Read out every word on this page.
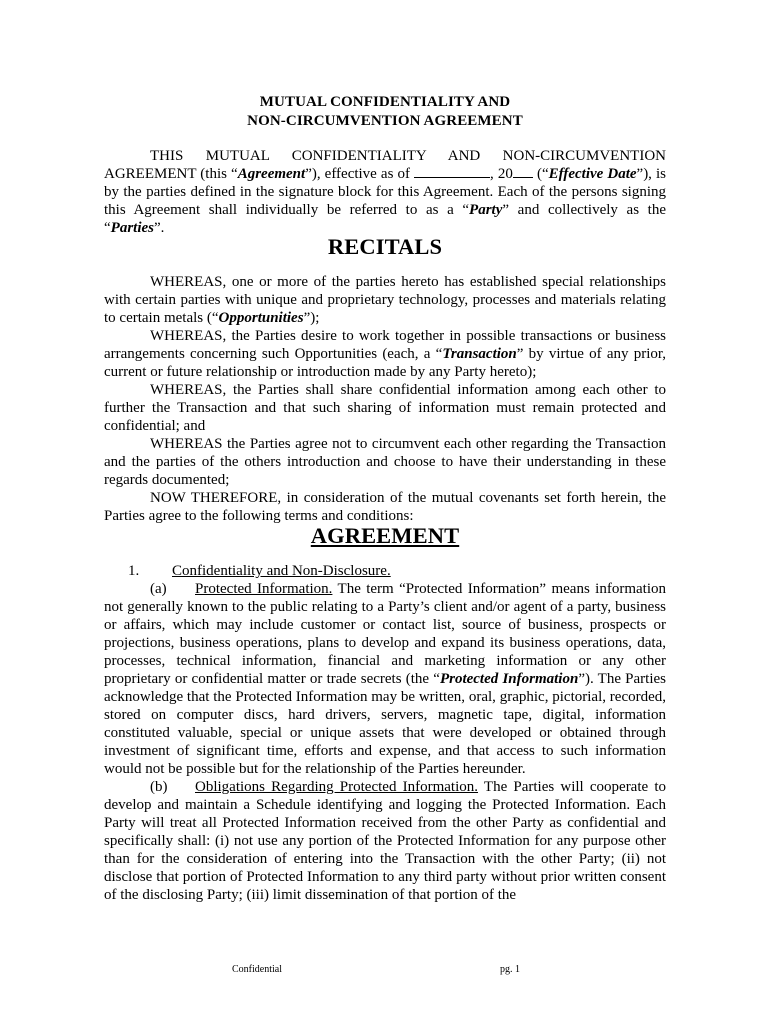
MUTUAL CONFIDENTIALITY AND
NON-CIRCUMVENTION AGREEMENT

THIS MUTUAL CONFIDENTIALITY AND NON-CIRCUMVENTION AGREEMENT (this “Agreement”), effective as of	, 20 (“Effective Date”), is by the parties defined in the signature block for this Agreement. Each of the persons signing this Agreement shall individually be referred to as a “Party” and collectively as the “Parties”.

RECITALS

WHEREAS, one or more of the parties hereto has established special relationships with certain parties with unique and proprietary technology, processes and materials relating to certain metals (“Opportunities”);

WHEREAS, the Parties desire to work together in possible transactions or business arrangements concerning such Opportunities (each, a “Transaction” by virtue of any prior, current or future relationship or introduction made by any Party hereto);

WHEREAS, the Parties shall share confidential information among each other to further the Transaction and that such sharing of information must remain protected and confidential; and

WHEREAS the Parties agree not to circumvent each other regarding the Transaction and the parties of the others introduction and choose to have their understanding in these regards documented;

NOW THEREFORE, in consideration of the mutual covenants set forth herein, the Parties agree to the following terms and conditions:

AGREEMENT
1. Confidentiality and Non-Disclosure.

(a) Protected Information. The term “Protected Information” means information not generally known to the public relating to a Party’s client and/or agent of a party, business or affairs, which may include customer or contact list, source of business, prospects or projections, business operations, plans to develop and expand its business operations, data, processes, technical information, financial and marketing information or any other proprietary or confidential matter or trade secrets (the “Protected Information”). The Parties acknowledge that the Protected Information may be written, oral, graphic, pictorial, recorded, stored on computer discs, hard drivers, servers, magnetic tape, digital, information constituted valuable, special or unique assets that were developed or obtained through investment of significant time, efforts and expense, and that access to such information would not be possible but for the relationship of the Parties hereunder.

(b) Obligations Regarding Protected Information. The Parties will cooperate to develop and maintain a Schedule identifying and logging the Protected Information. Each Party will treat all Protected Information received from the other Party as confidential and specifically shall: (i) not use any portion of the Protected Information for any purpose other than for the consideration of entering into the Transaction with the other Party; (ii) not disclose that portion of Protected Information to any third party without prior written consent of the disclosing Party; (iii) limit dissemination of that portion of the

Confidential	pg. 1
